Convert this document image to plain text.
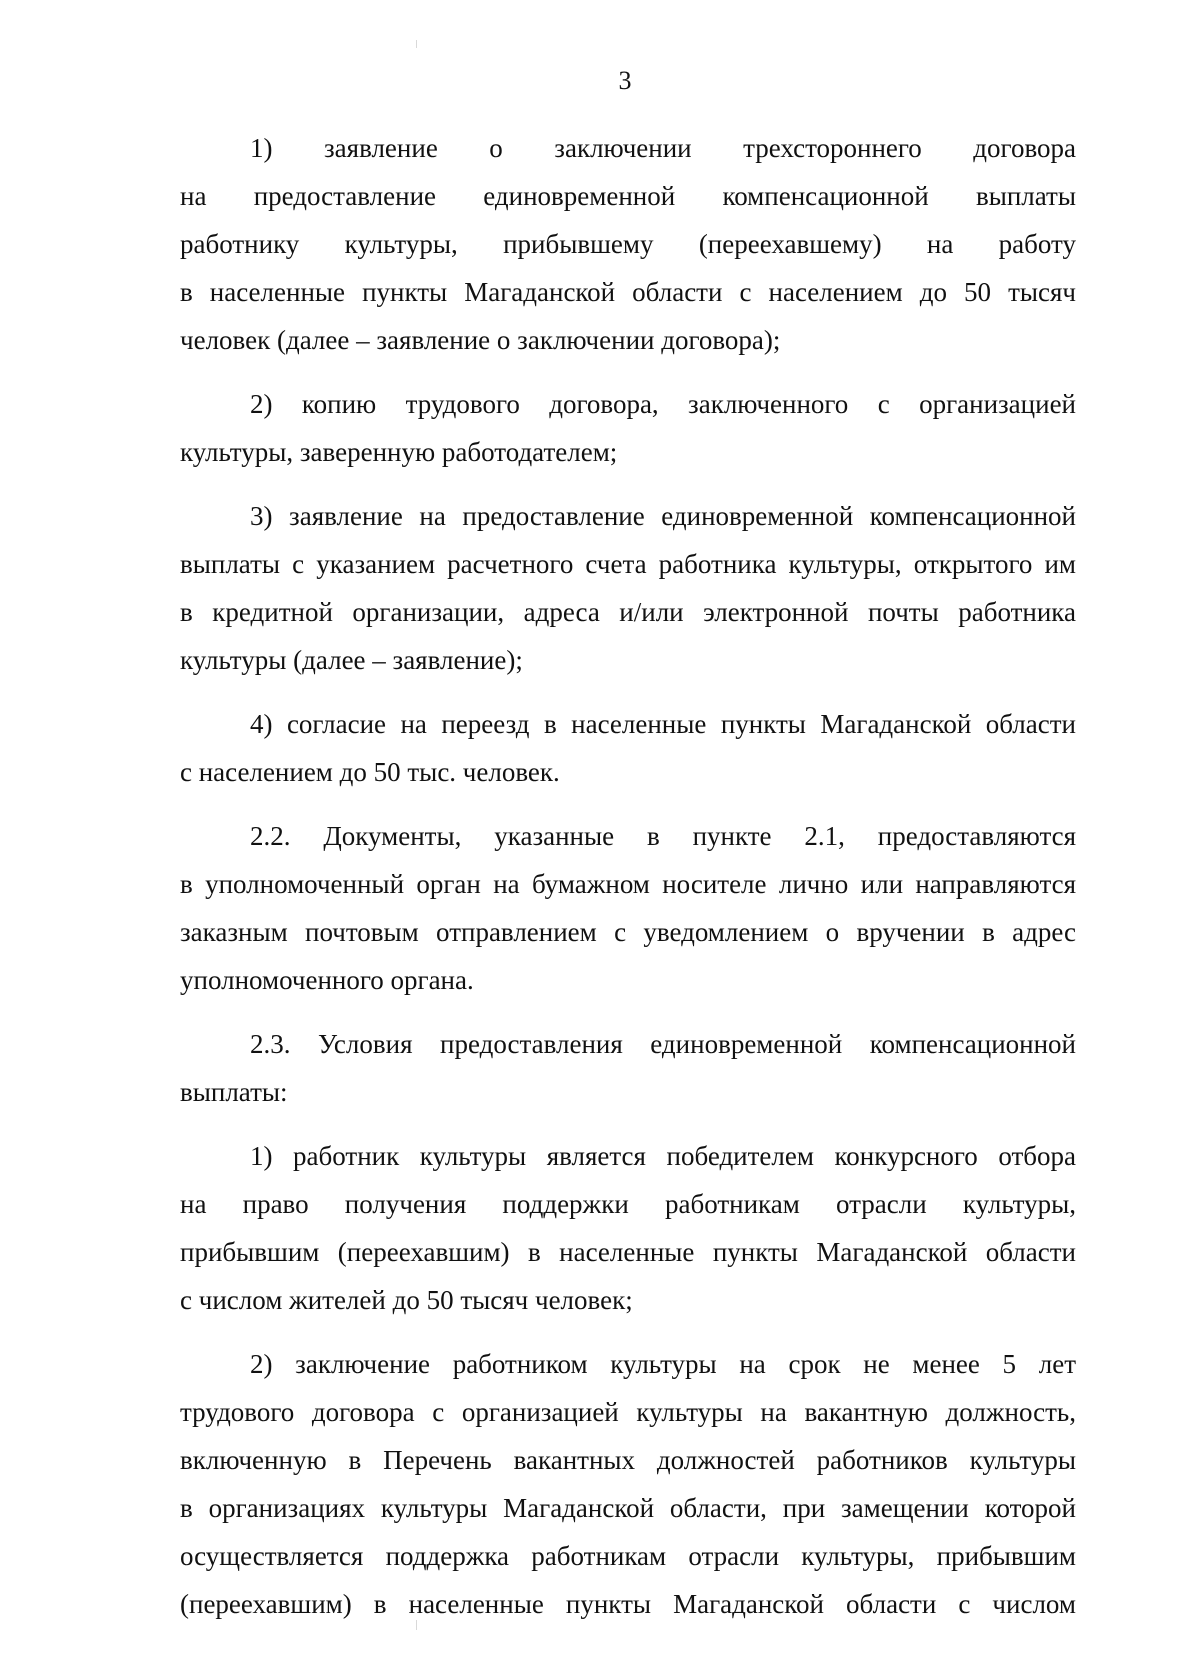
3
1) заявление о заключении трехстороннего договора
на предоставление единовременной компенсационной выплаты
работнику культуры, прибывшему (переехавшему) на работу
в населенные пункты Магаданской области с населением до 50 тысяч
человек (далее – заявление о заключении договора);
2) копию трудового договора, заключенного с организацией
культуры, заверенную работодателем;
3) заявление на предоставление единовременной компенсационной
выплаты с указанием расчетного счета работника культуры, открытого им
в кредитной организации, адреса и/или электронной почты работника
культуры (далее – заявление);
4) согласие на переезд в населенные пункты Магаданской области
с населением до 50 тыс. человек.
2.2. Документы, указанные в пункте 2.1, предоставляются
в уполномоченный орган на бумажном носителе лично или направляются
заказным почтовым отправлением с уведомлением о вручении в адрес
уполномоченного органа.
2.3. Условия предоставления единовременной компенсационной
выплаты:
1) работник культуры является победителем конкурсного отбора
на право получения поддержки работникам отрасли культуры,
прибывшим (переехавшим) в населенные пункты Магаданской области
с числом жителей до 50 тысяч человек;
2) заключение работником культуры на срок не менее 5 лет
трудового договора с организацией культуры на вакантную должность,
включенную в Перечень вакантных должностей работников культуры
в организациях культуры Магаданской области, при замещении которой
осуществляется поддержка работникам отрасли культуры, прибывшим
(переехавшим) в населенные пункты Магаданской области с числом
